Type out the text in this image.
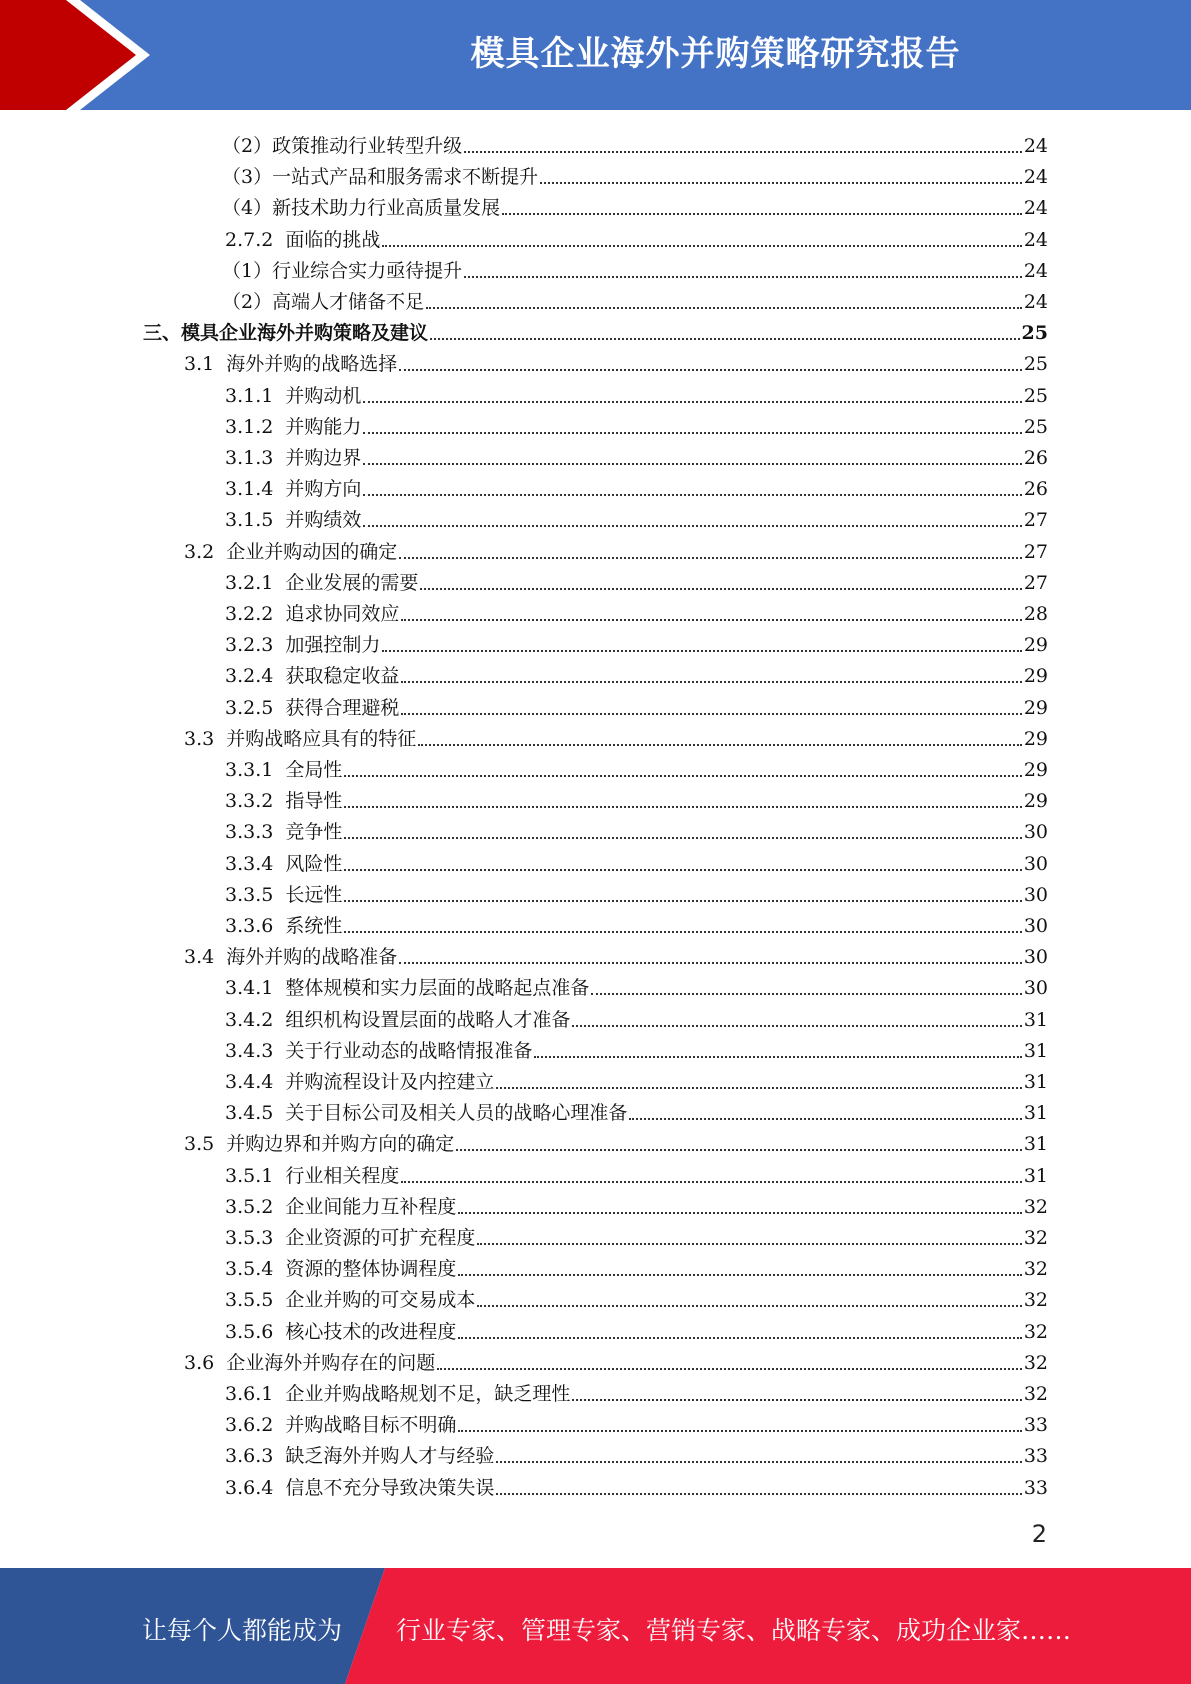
模具企业海外并购策略研究报告
（2）政策推动行业转型升级	24
（3）一站式产品和服务需求不断提升	24
（4）新技术助力行业高质量发展	24
2.7.2  面临的挑战	24
（1）行业综合实力亟待提升	24
（2）高端人才储备不足	24
三、模具企业海外并购策略及建议	25
3.1  海外并购的战略选择	25
3.1.1  并购动机	25
3.1.2  并购能力	25
3.1.3  并购边界	26
3.1.4  并购方向	26
3.1.5  并购绩效	27
3.2  企业并购动因的确定	27
3.2.1  企业发展的需要	27
3.2.2  追求协同效应	28
3.2.3  加强控制力	29
3.2.4  获取稳定收益	29
3.2.5  获得合理避税	29
3.3  并购战略应具有的特征	29
3.3.1  全局性	29
3.3.2  指导性	29
3.3.3  竞争性	30
3.3.4  风险性	30
3.3.5  长远性	30
3.3.6  系统性	30
3.4  海外并购的战略准备	30
3.4.1  整体规模和实力层面的战略起点准备	30
3.4.2  组织机构设置层面的战略人才准备	31
3.4.3  关于行业动态的战略情报准备	31
3.4.4  并购流程设计及内控建立	31
3.4.5  关于目标公司及相关人员的战略心理准备	31
3.5  并购边界和并购方向的确定	31
3.5.1  行业相关程度	31
3.5.2  企业间能力互补程度	32
3.5.3  企业资源的可扩充程度	32
3.5.4  资源的整体协调程度	32
3.5.5  企业并购的可交易成本	32
3.5.6  核心技术的改进程度	32
3.6  企业海外并购存在的问题	32
3.6.1  企业并购战略规划不足，缺乏理性	32
3.6.2  并购战略目标不明确	33
3.6.3  缺乏海外并购人才与经验	33
3.6.4  信息不充分导致决策失误	33
2
让每个人都能成为 行业专家、管理专家、营销专家、战略专家、成功企业家……
